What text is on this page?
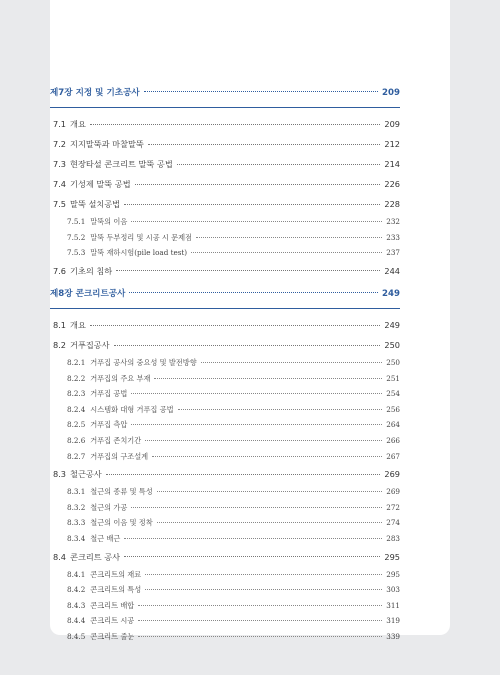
제7장 지정 및 기초공사	209
7.1 개요	209
7.2 지지말뚝과 마찰말뚝	212
7.3 현장타설 콘크리트 말뚝 공법	214
7.4 기성제 말뚝 공법	226
7.5 말뚝 설치공법	228
7.5.1 말뚝의 이음	232
7.5.2 말뚝 두부정리 및 시공 시 문제점	233
7.5.3 말뚝 재하시험(pile load test)	237
7.6 기초의 침하	244
제8장 콘크리트공사	249
8.1 개요	249
8.2 거푸집공사	250
8.2.1 거푸집 공사의 중요성 및 발전방향	250
8.2.2 거푸집의 주요 부재	251
8.2.3 거푸집 공법	254
8.2.4 시스템화 대형 거푸집 공법	256
8.2.5 거푸집 측압	264
8.2.6 거푸집 존치기간	266
8.2.7 거푸집의 구조설계	267
8.3 철근공사	269
8.3.1 철근의 종류 및 특성	269
8.3.2 철근의 가공	272
8.3.3 철근의 이음 및 정착	274
8.3.4 철근 배근	283
8.4 콘크리트 공사	295
8.4.1 콘크리트의 재료	295
8.4.2 콘크리트의 특성	303
8.4.3 콘크리트 배합	311
8.4.4 콘크리트 시공	319
8.4.5 콘크리트 줄눈	339
